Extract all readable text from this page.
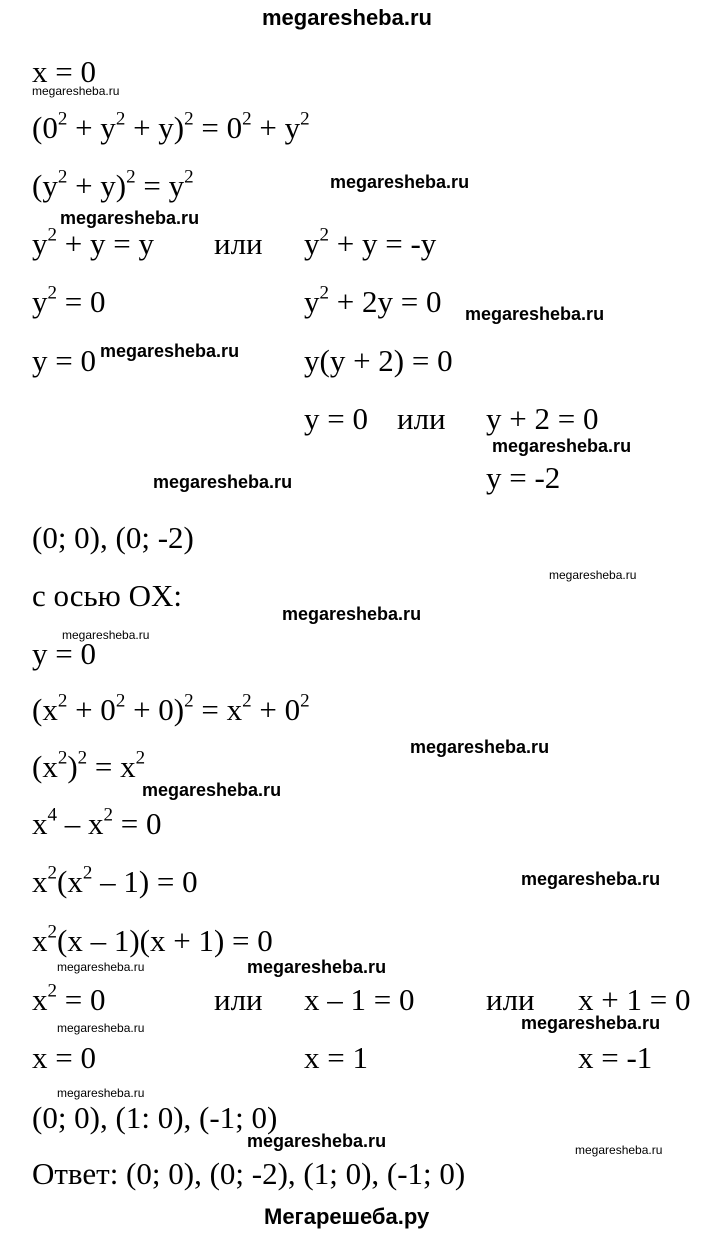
megaresheba.ru
x = 0
$(0^2 + y^2 + y)^2 = 0^2 + y^2$
$(y^2 + y)^2 = y^2$
$y^2 + y = y$ или $y^2 + y = -y$
$y^2 = 0$	$y^2 + 2y = 0$
y = 0	y(y + 2) = 0
y = 0 или y + 2 = 0
y = -2
(0; 0), (0; -2)
с осью OX:
y = 0
$(x^2 + 0^2 + 0)^2 = x^2 + 0^2$
$(x^2)^2 = x^2$
$x^4 - x^2 = 0$
$x^2(x^2 - 1) = 0$
$x^2(x - 1)(x + 1) = 0$
$x^2 = 0$	или x – 1 = 0 или x + 1 = 0
x = 0	x = 1	x = -1
(0; 0), (1: 0), (-1; 0)
Ответ: (0; 0), (0; -2), (1; 0), (-1; 0)
Мегарешеба.ру
megaresheba.ru
megaresheba.ru
megaresheba.ru
megaresheba.ru
megaresheba.ru
megaresheba.ru
megaresheba.ru
megaresheba.ru
megaresheba.ru
megaresheba.ru
megaresheba.ru
megaresheba.ru
megaresheba.ru
megaresheba.ru
megaresheba.ru
megaresheba.ru
megaresheba.ru
megaresheba.ru
megaresheba.ru
megaresheba.ru
